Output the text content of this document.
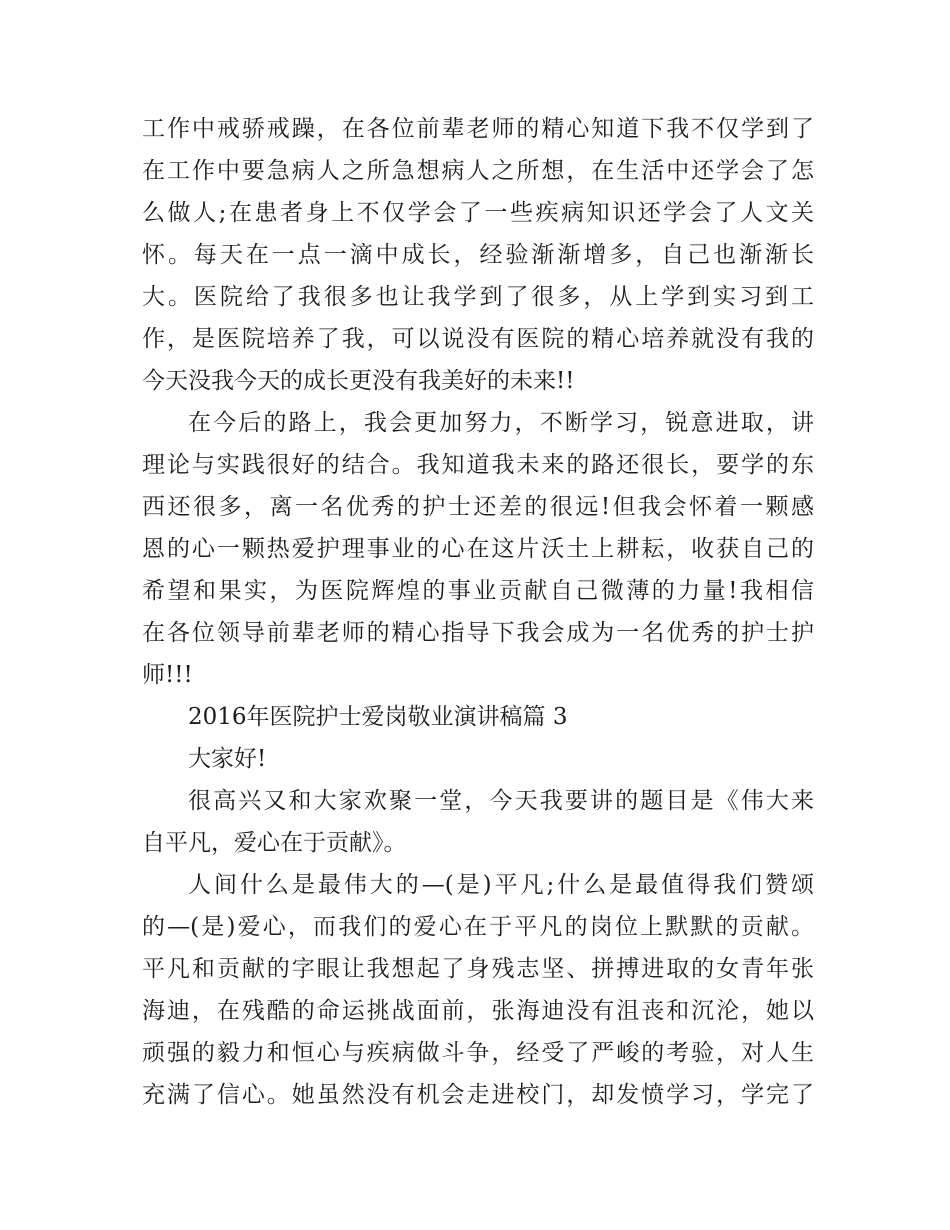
工作中戒骄戒躁，在各位前辈老师的精心知道下我不仅学到了
在工作中要急病人之所急想病人之所想，在生活中还学会了怎
么做人;在患者身上不仅学会了一些疾病知识还学会了人文关
怀。每天在一点一滴中成长，经验渐渐增多，自己也渐渐长
大。医院给了我很多也让我学到了很多，从上学到实习到工
作，是医院培养了我，可以说没有医院的精心培养就没有我的
今天没我今天的成长更没有我美好的未来!!
在今后的路上，我会更加努力，不断学习，锐意进取，讲
理论与实践很好的结合。我知道我未来的路还很长，要学的东
西还很多，离一名优秀的护士还差的很远!但我会怀着一颗感
恩的心一颗热爱护理事业的心在这片沃土上耕耘，收获自己的
希望和果实，为医院辉煌的事业贡献自己微薄的力量!我相信
在各位领导前辈老师的精心指导下我会成为一名优秀的护士护
师!!!
2016年医院护士爱岗敬业演讲稿篇 3
大家好!
很高兴又和大家欢聚一堂，今天我要讲的题目是《伟大来
自平凡，爱心在于贡献》。
人间什么是最伟大的—(是)平凡;什么是最值得我们赞颂
的—(是)爱心，而我们的爱心在于平凡的岗位上默默的贡献。
平凡和贡献的字眼让我想起了身残志坚、拼搏进取的女青年张
海迪，在残酷的命运挑战面前，张海迪没有沮丧和沉沦，她以
顽强的毅力和恒心与疾病做斗争，经受了严峻的考验，对人生
充满了信心。她虽然没有机会走进校门，却发愤学习，学完了
